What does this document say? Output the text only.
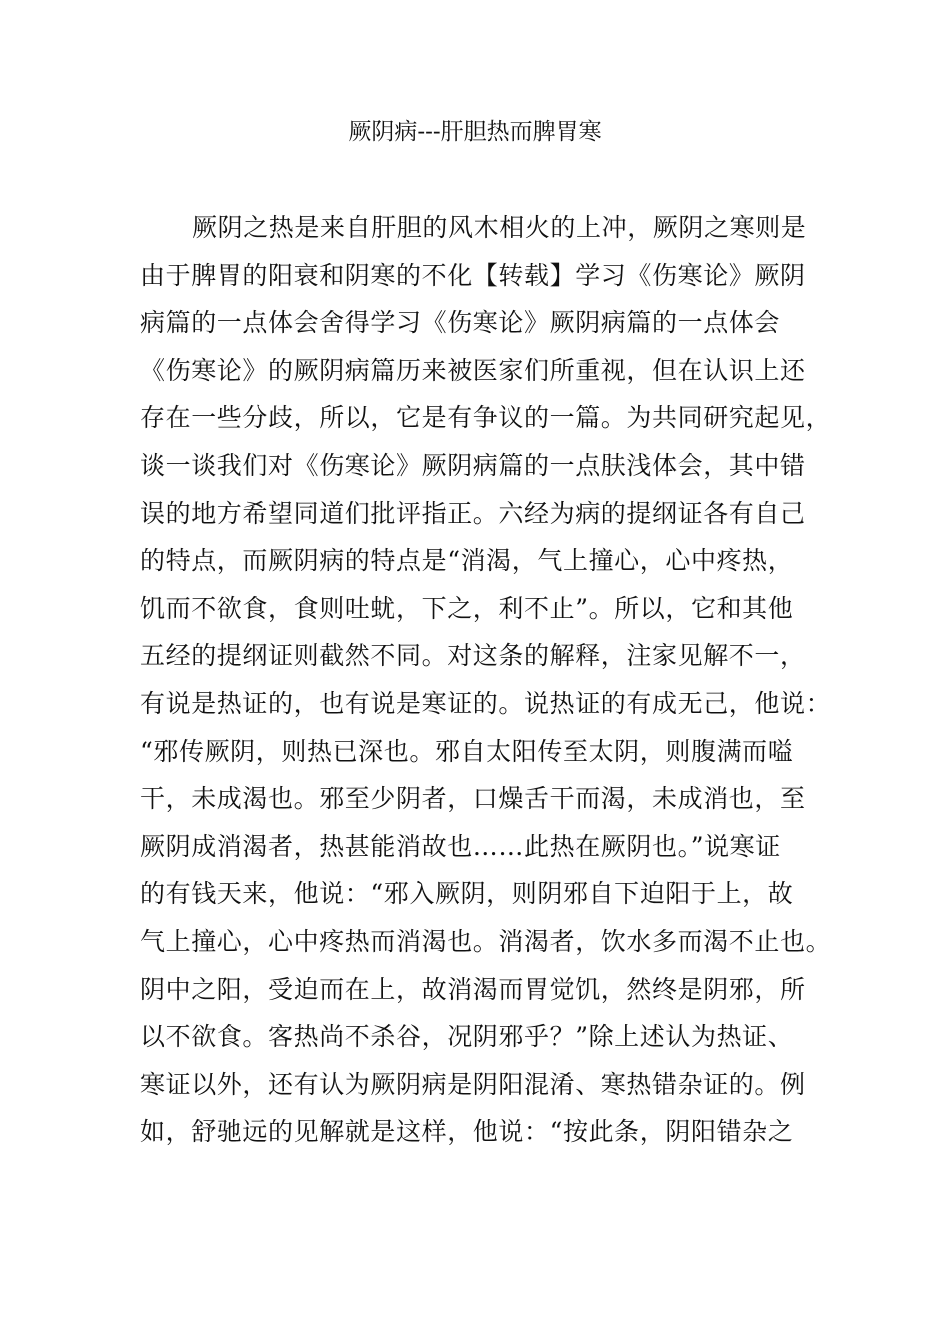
厥阴病---肝胆热而脾胃寒
厥阴之热是来自肝胆的风木相火的上冲，厥阴之寒则是
由于脾胃的阳衰和阴寒的不化【转载】学习《伤寒论》厥阴
病篇的一点体会舍得学习《伤寒论》厥阴病篇的一点体会
《伤寒论》的厥阴病篇历来被医家们所重视，但在认识上还
存在一些分歧，所以，它是有争议的一篇。为共同研究起见，
谈一谈我们对《伤寒论》厥阴病篇的一点肤浅体会，其中错
误的地方希望同道们批评指正。六经为病的提纲证各有自己
的特点，而厥阴病的特点是“消渴，气上撞心，心中疼热，
饥而不欲食，食则吐蚘，下之，利不止”。所以，它和其他
五经的提纲证则截然不同。对这条的解释，注家见解不一，
有说是热证的，也有说是寒证的。说热证的有成无己，他说：
“邪传厥阴，则热已深也。邪自太阳传至太阴，则腹满而嗌
干，未成渴也。邪至少阴者，口燥舌干而渴，未成消也，至
厥阴成消渴者，热甚能消故也……此热在厥阴也。”说寒证
的有钱天来，他说：“邪入厥阴，则阴邪自下迫阳于上，故
气上撞心，心中疼热而消渴也。消渴者，饮水多而渴不止也。
阴中之阳，受迫而在上，故消渴而胃觉饥，然终是阴邪，所
以不欲食。客热尚不杀谷，况阴邪乎？”除上述认为热证、
寒证以外，还有认为厥阴病是阴阳混淆、寒热错杂证的。例
如，舒驰远的见解就是这样，他说：“按此条，阴阳错杂之
